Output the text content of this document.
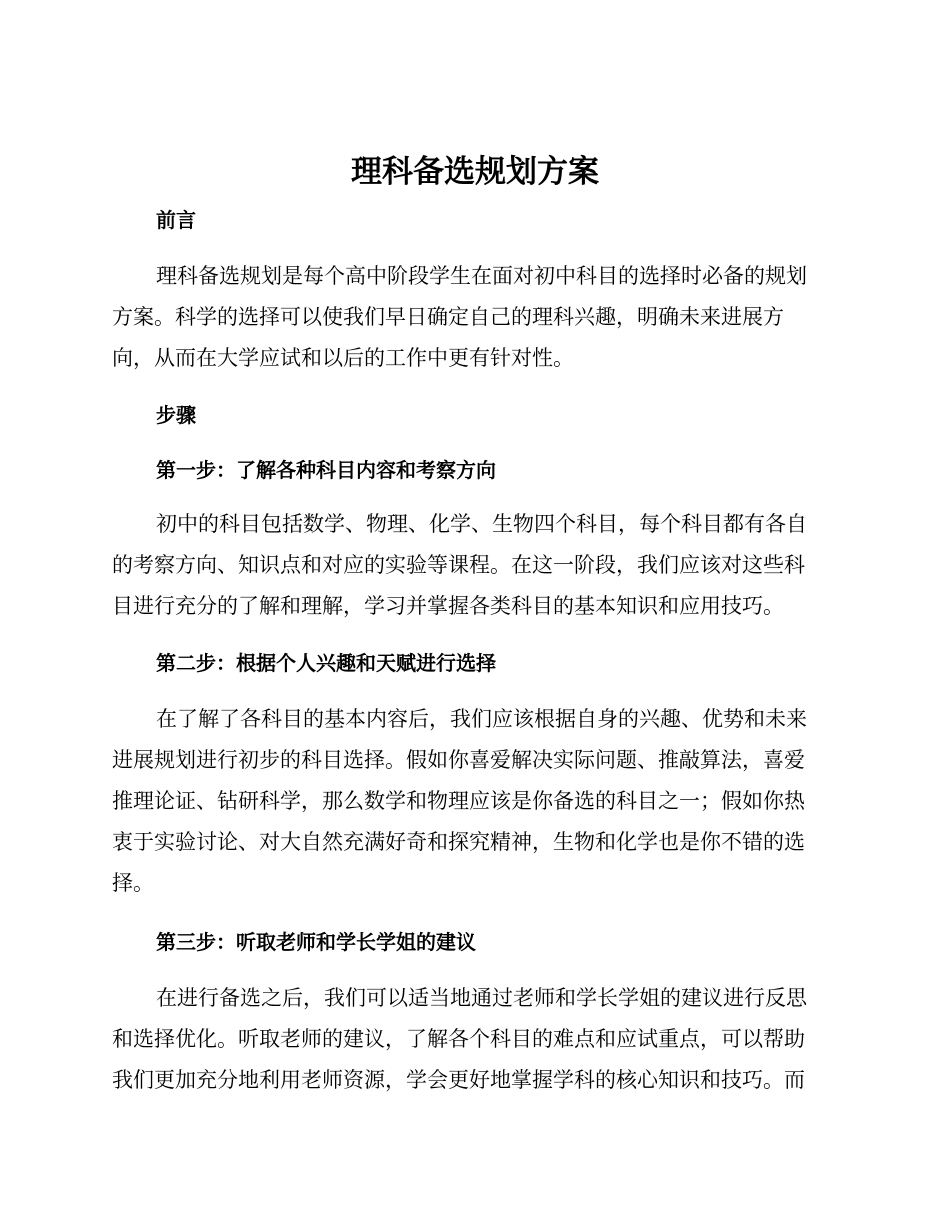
理科备选规划方案
前言
理科备选规划是每个高中阶段学生在面对初中科目的选择时必备的规划
方案。科学的选择可以使我们早日确定自己的理科兴趣，明确未来进展方
向，从而在大学应试和以后的工作中更有针对性。
步骤
第一步：了解各种科目内容和考察方向
初中的科目包括数学、物理、化学、生物四个科目，每个科目都有各自
的考察方向、知识点和对应的实验等课程。在这一阶段，我们应该对这些科
目进行充分的了解和理解，学习并掌握各类科目的基本知识和应用技巧。
第二步：根据个人兴趣和天赋进行选择
在了解了各科目的基本内容后，我们应该根据自身的兴趣、优势和未来
进展规划进行初步的科目选择。假如你喜爱解决实际问题、推敲算法，喜爱
推理论证、钻研科学，那么数学和物理应该是你备选的科目之一；假如你热
衷于实验讨论、对大自然充满好奇和探究精神，生物和化学也是你不错的选
择。
第三步：听取老师和学长学姐的建议
在进行备选之后，我们可以适当地通过老师和学长学姐的建议进行反思
和选择优化。听取老师的建议，了解各个科目的难点和应试重点，可以帮助
我们更加充分地利用老师资源，学会更好地掌握学科的核心知识和技巧。而
